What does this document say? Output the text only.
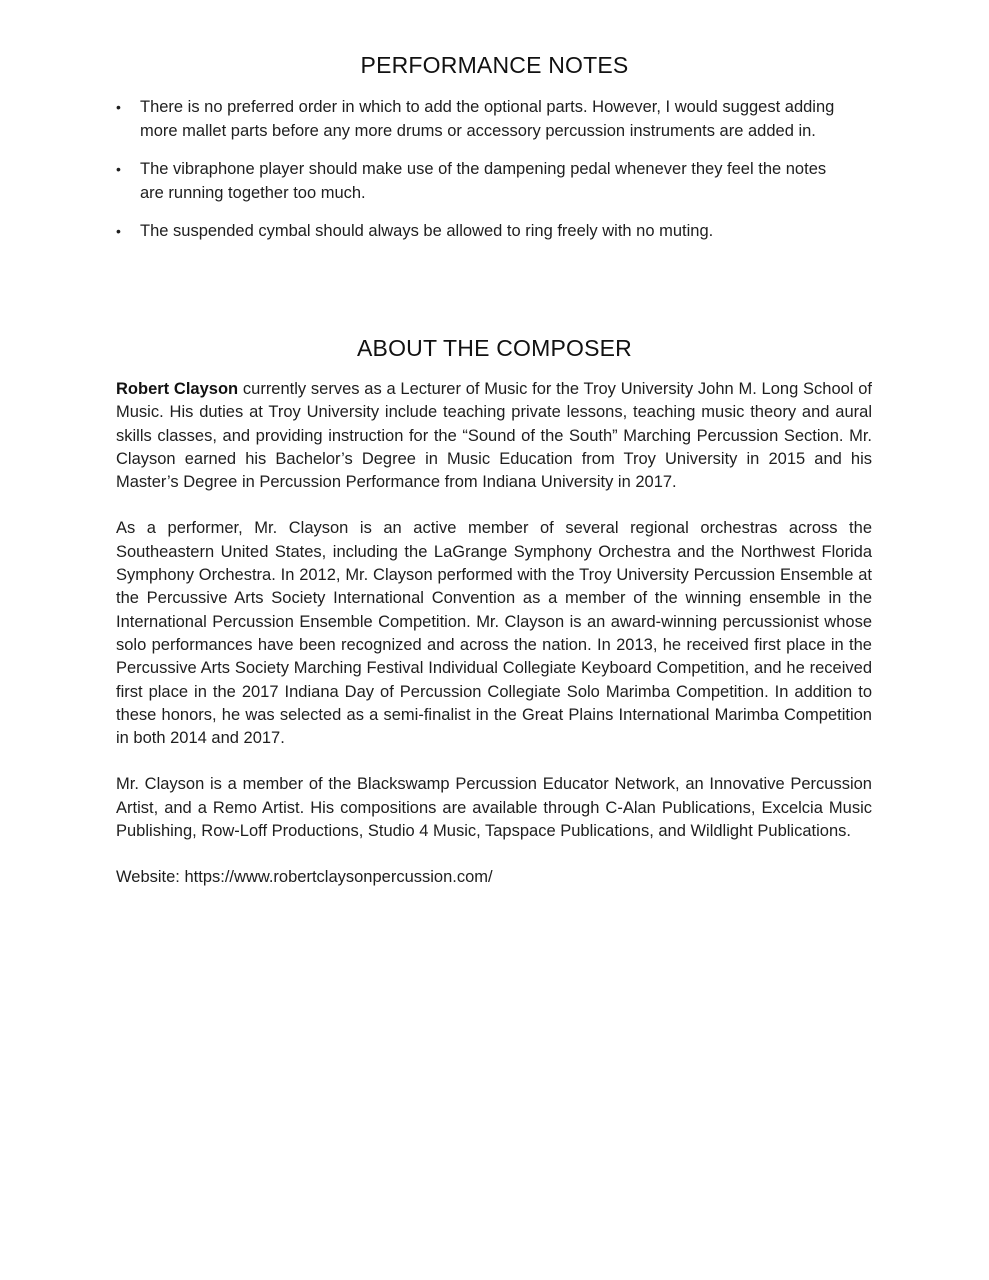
PERFORMANCE NOTES
• There is no preferred order in which to add the optional parts. However, I would suggest adding more mallet parts before any more drums or accessory percussion instruments are added in.
• The vibraphone player should make use of the dampening pedal whenever they feel the notes are running together too much.
• The suspended cymbal should always be allowed to ring freely with no muting.
ABOUT THE COMPOSER

Robert Clayson currently serves as a Lecturer of Music for the Troy University John M. Long School of Music. His duties at Troy University include teaching private lessons, teaching music theory and aural skills classes, and providing instruction for the “Sound of the South” Marching Percussion Section. Mr. Clayson earned his Bachelor’s Degree in Music Education from Troy University in 2015 and his Master’s Degree in Percussion Performance from Indiana University in 2017.

As a performer, Mr. Clayson is an active member of several regional orchestras across the Southeastern United States, including the LaGrange Symphony Orchestra and the Northwest Florida Symphony Orchestra. In 2012, Mr. Clayson performed with the Troy University Percussion Ensemble at the Percussive Arts Society International Convention as a member of the winning ensemble in the International Percussion Ensemble Competition. Mr. Clayson is an award-winning percussionist whose solo performances have been recognized and across the nation. In 2013, he received first place in the Percussive Arts Society Marching Festival Individual Collegiate Keyboard Competition, and he received first place in the 2017 Indiana Day of Percussion Collegiate Solo Marimba Competition. In addition to these honors, he was selected as a semi-finalist in the Great Plains International Marimba Competition in both 2014 and 2017.

Mr. Clayson is a member of the Blackswamp Percussion Educator Network, an Innovative Percussion Artist, and a Remo Artist. His compositions are available through C-Alan Publications, Excelcia Music Publishing, Row-Loff Productions, Studio 4 Music, Tapspace Publications, and Wildlight Publications.

Website: https://www.robertclaysonpercussion.com/
